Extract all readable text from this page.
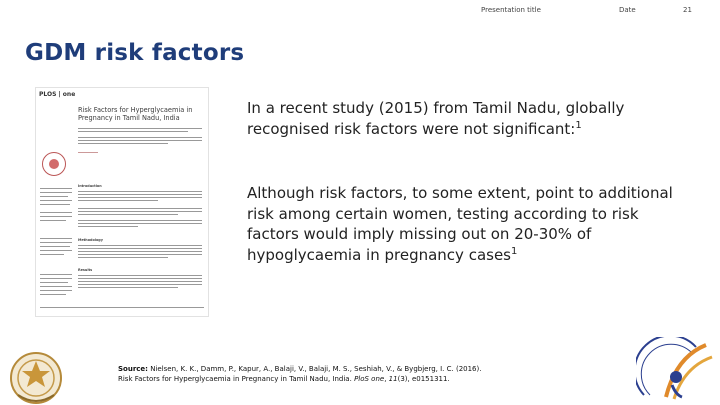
Presentation title	Date	21
GDM risk factors
PLOS | one
Risk Factors for Hyperglycaemia in Pregnancy in Tamil Nadu, India
Introduction
Methodology
Results
In a recent study (2015) from Tamil Nadu, globally recognised risk factors were not significant:$^1$
Although risk factors, to some extent, point to additional risk among certain women, testing according to risk factors would imply missing out on 20-30% of hypoglycaemia in pregnancy cases$^1$
Source: Nielsen, K. K., Damm, P., Kapur, A., Balaji, V., Balaji, M. S., Seshiah, V., & Bygbjerg, I. C. (2016).
Risk Factors for Hyperglycaemia in Pregnancy in Tamil Nadu, India. PloS one, 11(3), e0151311.
